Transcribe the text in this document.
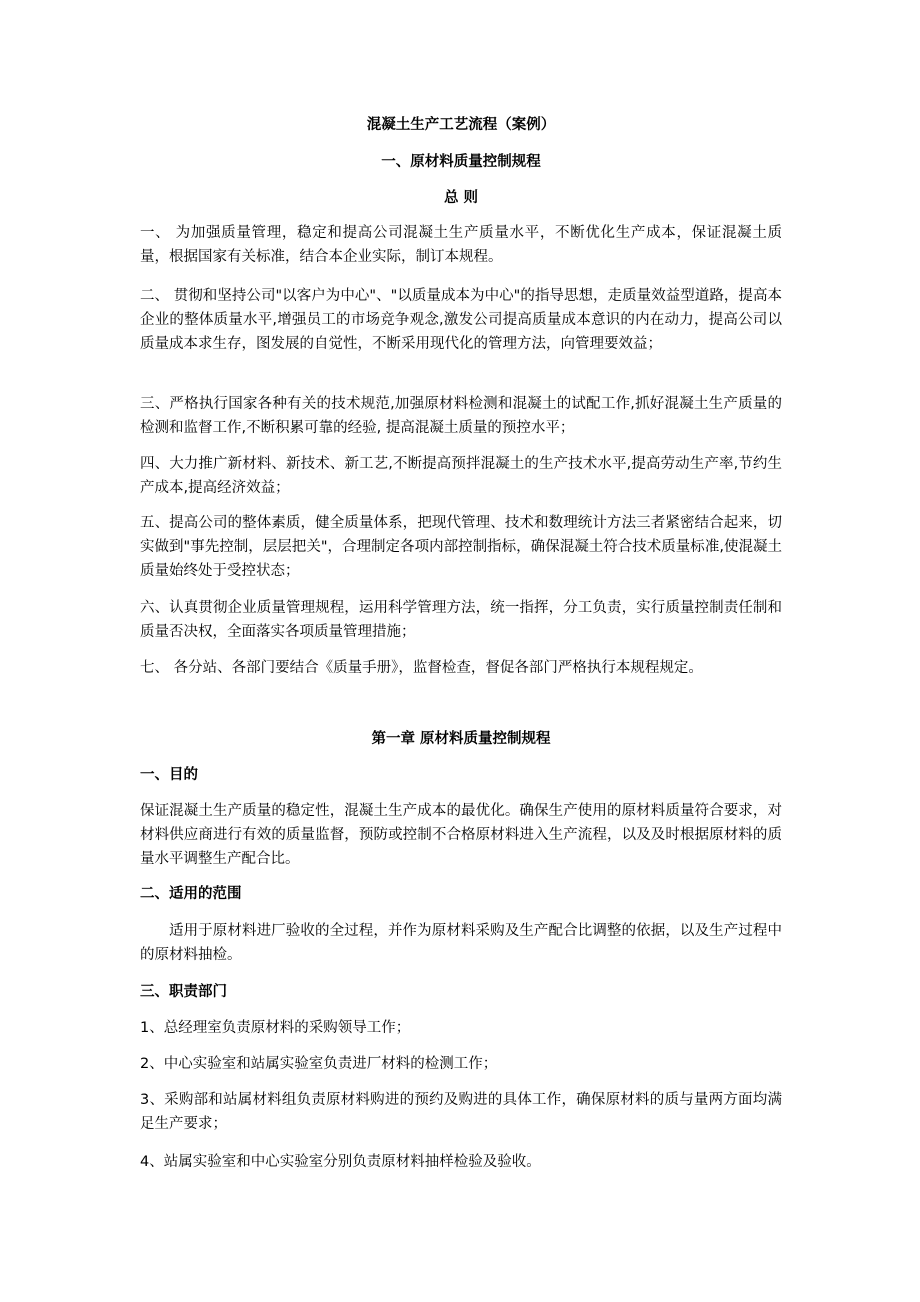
混凝土生产工艺流程（案例）
一、原材料质量控制规程
总 则
一、 为加强质量管理，稳定和提高公司混凝土生产质量水平，不断优化生产成本，保证混凝土质量，根据国家有关标准，结合本企业实际，制订本规程。
二、 贯彻和坚持公司"以客户为中心"、"以质量成本为中心"的指导思想，走质量效益型道路，提高本企业的整体质量水平,增强员工的市场竞争观念,激发公司提高质量成本意识的内在动力，提高公司以质量成本求生存，图发展的自觉性，不断采用现代化的管理方法，向管理要效益；
三、严格执行国家各种有关的技术规范,加强原材料检测和混凝土的试配工作,抓好混凝土生产质量的检测和监督工作,不断积累可靠的经验, 提高混凝土质量的预控水平；
四、大力推广新材料、新技术、新工艺,不断提高预拌混凝土的生产技术水平,提高劳动生产率,节约生产成本,提高经济效益；
五、提高公司的整体素质，健全质量体系，把现代管理、技术和数理统计方法三者紧密结合起来，切实做到"事先控制，层层把关"，合理制定各项内部控制指标，确保混凝土符合技术质量标准,使混凝土质量始终处于受控状态；
六、认真贯彻企业质量管理规程，运用科学管理方法，统一指挥，分工负责，实行质量控制责任制和质量否决权，全面落实各项质量管理措施；
七、 各分站、各部门要结合《质量手册》，监督检查，督促各部门严格执行本规程规定。
第一章 原材料质量控制规程
一、目的
保证混凝土生产质量的稳定性，混凝土生产成本的最优化。确保生产使用的原材料质量符合要求，对材料供应商进行有效的质量监督，预防或控制不合格原材料进入生产流程，以及及时根据原材料的质量水平调整生产配合比。
二、适用的范围
适用于原材料进厂验收的全过程，并作为原材料采购及生产配合比调整的依据，以及生产过程中的原材料抽检。
三、职责部门
1、总经理室负责原材料的采购领导工作；
2、中心实验室和站属实验室负责进厂材料的检测工作；
3、采购部和站属材料组负责原材料购进的预约及购进的具体工作，确保原材料的质与量两方面均满足生产要求；
4、站属实验室和中心实验室分别负责原材料抽样检验及验收。
